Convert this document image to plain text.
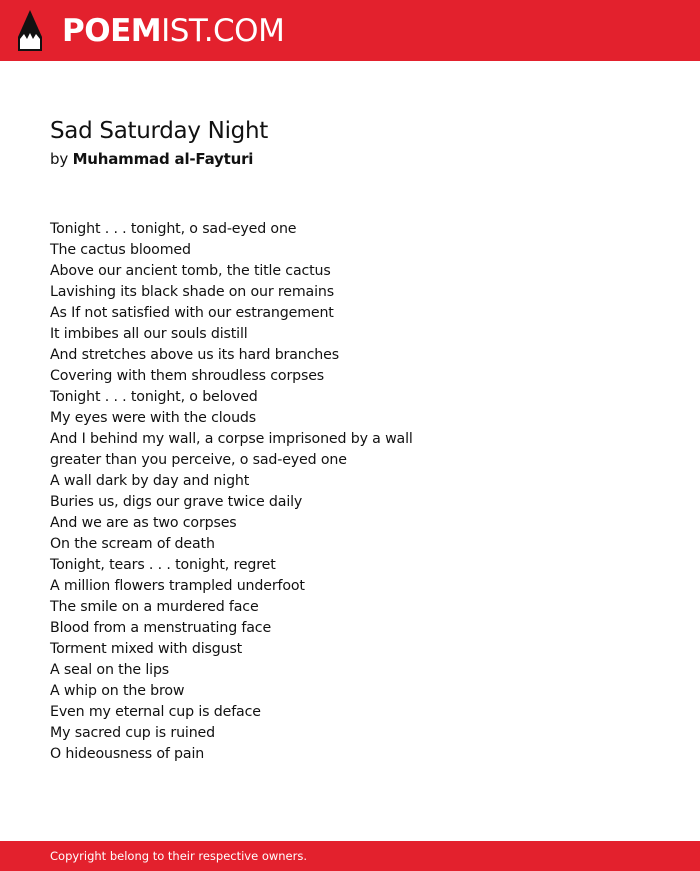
POEMIST.COM
Sad Saturday Night
by Muhammad al-Fayturi
Tonight . . . tonight, o sad-eyed one
The cactus bloomed
Above our ancient tomb, the title cactus
Lavishing its black shade on our remains
As If not satisfied with our estrangement
It imbibes all our souls distill
And stretches above us its hard branches
Covering with them shroudless corpses
Tonight . . . tonight, o beloved
My eyes were with the clouds
And I behind my wall, a corpse imprisoned by a wall
greater than you perceive, o sad-eyed one
A wall dark by day and night
Buries us, digs our grave twice daily
And we are as two corpses
On the scream of death
Tonight, tears . . . tonight, regret
A million flowers trampled underfoot
The smile on a murdered face
Blood from a menstruating face
Torment mixed with disgust
A seal on the lips
A whip on the brow
Even my eternal cup is deface
My sacred cup is ruined
O hideousness of pain
Copyright belong to their respective owners.
